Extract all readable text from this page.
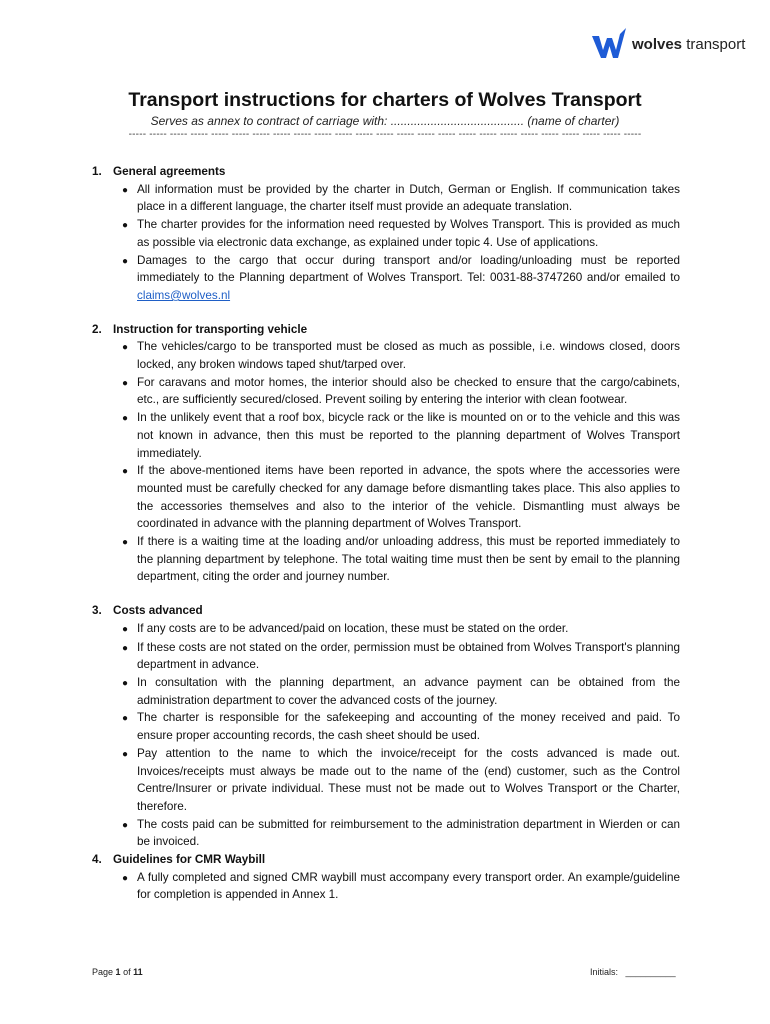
wolves transport
Transport instructions for charters of Wolves Transport
Serves as annex to contract of carriage with: ........................................ (name of charter)
----- ----- ----- ----- ----- ----- ----- ----- ----- ----- ----- ----- ----- ----- ----- ----- ----- ----- ----- ----- ----- ----- ----- ----- -----
1. General agreements
● All information must be provided by the charter in Dutch, German or English. If communication takes place in a different language, the charter itself must provide an adequate translation.
● The charter provides for the information need requested by Wolves Transport. This is provided as much as possible via electronic data exchange, as explained under topic 4. Use of applications.
● Damages to the cargo that occur during transport and/or loading/unloading must be reported immediately to the Planning department of Wolves Transport. Tel: 0031-88-3747260 and/or emailed to claims@wolves.nl
2. Instruction for transporting vehicle
● The vehicles/cargo to be transported must be closed as much as possible, i.e. windows closed, doors locked, any broken windows taped shut/tarped over.
● For caravans and motor homes, the interior should also be checked to ensure that the cargo/cabinets, etc., are sufficiently secured/closed. Prevent soiling by entering the interior with clean footwear.
● In the unlikely event that a roof box, bicycle rack or the like is mounted on or to the vehicle and this was not known in advance, then this must be reported to the planning department of Wolves Transport immediately.
● If the above-mentioned items have been reported in advance, the spots where the accessories were mounted must be carefully checked for any damage before dismantling takes place. This also applies to the accessories themselves and also to the interior of the vehicle. Dismantling must always be coordinated in advance with the planning department of Wolves Transport.
● If there is a waiting time at the loading and/or unloading address, this must be reported immediately to the planning department by telephone. The total waiting time must then be sent by email to the planning department, citing the order and journey number.
3. Costs advanced
● If any costs are to be advanced/paid on location, these must be stated on the order.
● If these costs are not stated on the order, permission must be obtained from Wolves Transport's planning department in advance.
● In consultation with the planning department, an advance payment can be obtained from the administration department to cover the advanced costs of the journey.
● The charter is responsible for the safekeeping and accounting of the money received and paid. To ensure proper accounting records, the cash sheet should be used.
● Pay attention to the name to which the invoice/receipt for the costs advanced is made out. Invoices/receipts must always be made out to the name of the (end) customer, such as the Control Centre/Insurer or private individual. These must not be made out to Wolves Transport or the Charter, therefore.
● The costs paid can be submitted for reimbursement to the administration department in Wierden or can be invoiced.
4. Guidelines for CMR Waybill
● A fully completed and signed CMR waybill must accompany every transport order. An example/guideline for completion is appended in Annex 1.
Page 1 of 11	Initials: __________
